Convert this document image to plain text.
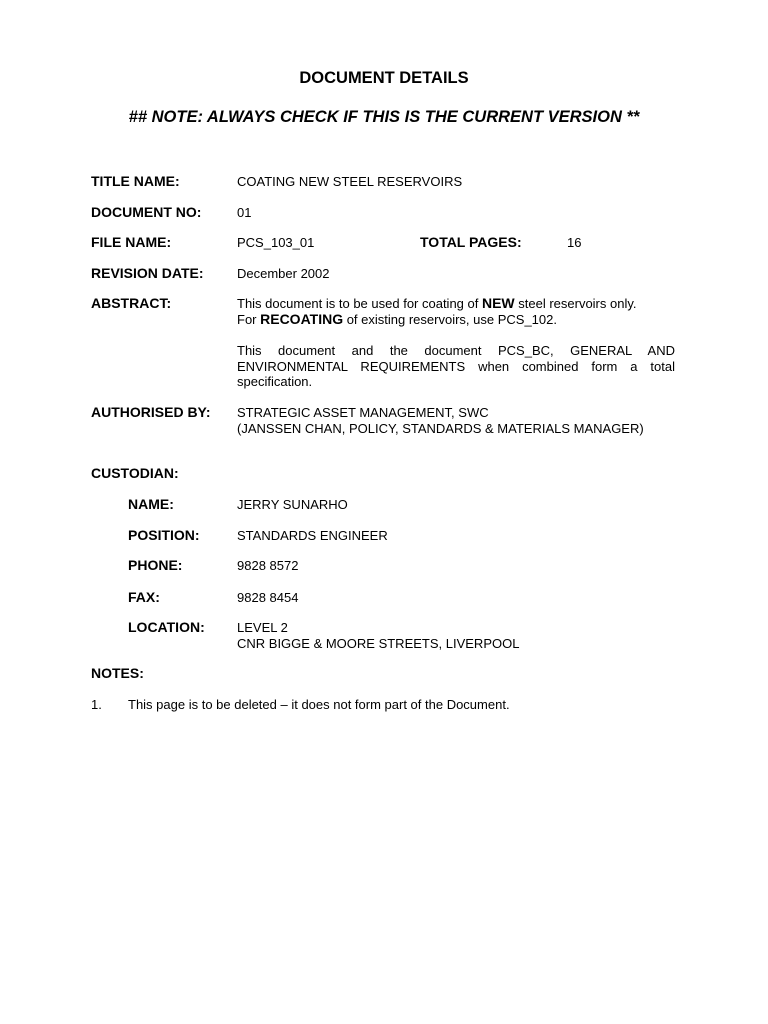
DOCUMENT DETAILS
## NOTE: ALWAYS CHECK IF THIS IS THE CURRENT VERSION **
TITLE NAME:	COATING NEW STEEL RESERVOIRS
DOCUMENT NO:	01
FILE NAME:	PCS_103_01	TOTAL PAGES:	16
REVISION DATE:	December 2002
ABSTRACT:	This document is to be used for coating of NEW steel reservoirs only.
For RECOATING of existing reservoirs, use PCS_102.
This document and the document PCS_BC, GENERAL AND ENVIRONMENTAL REQUIREMENTS when combined form a total specification.
AUTHORISED BY: STRATEGIC ASSET MANAGEMENT, SWC
(JANSSEN CHAN, POLICY, STANDARDS & MATERIALS MANAGER)
CUSTODIAN:
NAME:	JERRY SUNARHO
POSITION:	STANDARDS ENGINEER
PHONE:	9828 8572
FAX:	9828 8454
LOCATION: LEVEL 2
CNR BIGGE & MOORE STREETS, LIVERPOOL
NOTES:
1. This page is to be deleted – it does not form part of the Document.
